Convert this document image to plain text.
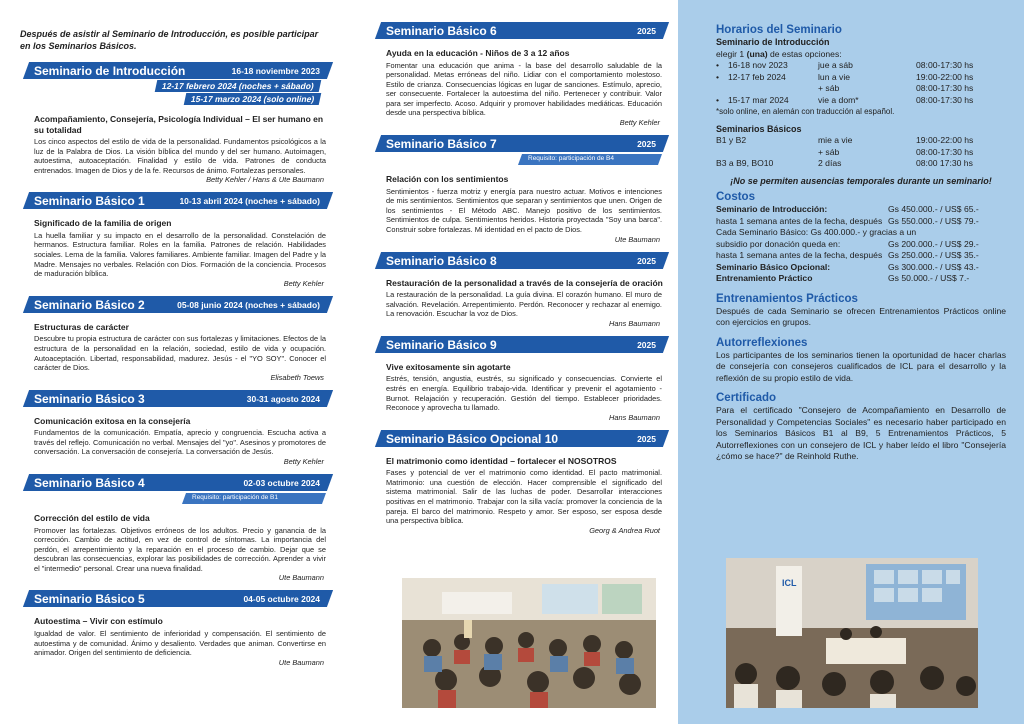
Después de asistir al Seminario de Introducción, es posible participar en los Seminarios Básicos.

Seminario de Introducción	16-18 noviembre 2023
12-17 febrero 2024 (noches + sábado)
15-17 marzo 2024 (solo online)
Acompañamiento, Consejería, Psicología Individual – El ser humano en su totalidad
Los cinco aspectos del estilo de vida de la personalidad. Fundamentos psicológicos a la luz de la Palabra de Dios. La visión bíblica del mundo y del ser humano. Autoimagen, autoestima, autoaceptación. Finalidad y estilo de vida. Patrones de conducta entrenados. Imagen de Dios y de la fe. Recursos de ánimo. Fortalezas personales.
Betty Kehler / Hans & Ute Baumann
Seminario Básico 1	10-13 abril 2024 (noches + sábado)
Significado de la familia de origen
La huella familiar y su impacto en el desarrollo de la personalidad. Constelación de hermanos. Estructura familiar. Roles en la familia. Patrones de relación. Habilidades sociales. Lema de la familia. Valores familiares. Ambiente familiar. Imagen del Padre y la Madre. Mensajes no verbales. Relación con Dios. Formación de la conciencia. Procesos de maduración bíblica.
Betty Kehler
Seminario Básico 2	05-08 junio 2024 (noches + sábado)
Estructuras de carácter
Descubre tu propia estructura de carácter con sus fortalezas y limitaciones. Efectos de la estructura de la personalidad en la relación, sociedad, estilo de vida y ocupación. Autoaceptación. Libertad, responsabilidad, madurez. Jesús - el "YO SOY". Conocer el carácter de Dios.
Elisabeth Toews
Seminario Básico 3	30-31 agosto 2024
Comunicación exitosa en la consejería
Fundamentos de la comunicación. Empatía, aprecio y congruencia. Escucha activa a través del reflejo. Comunicación no verbal. Mensajes del "yo". Asesinos y promotores de conversación. La conversación de consejería. La conversación de Jesús.
Betty Kehler
Seminario Básico 4	02-03 octubre 2024
Requisito: participación de B1
Corrección del estilo de vida
Promover las fortalezas. Objetivos erróneos de los adultos. Precio y ganancia de la corrección. Cambio de actitud, en vez de control de síntomas. La importancia del perdón, el arrepentimiento y la reparación en el proceso de cambio. Dejar que se descubran las consecuencias, explorar las posibilidades de corrección. Aprender a vivir el "intermedio" personal. Crear una nueva finalidad.
Ute Baumann
Seminario Básico 5	04-05 octubre 2024
Autoestima – Vivir con estímulo
Igualdad de valor. El sentimiento de inferioridad y compensación. El sentimiento de autoestima y de comunidad. Ánimo y desaliento. Verdades que animan. Convertirse en animador. Origen del sentimiento de deficiencia.
Ute Baumann
Seminario Básico 6	2025
Ayuda en la educación - Niños de 3 a 12 años
Fomentar una educación que anima - la base del desarrollo saludable de la personalidad. Metas erróneas del niño. Lidiar con el comportamiento molestoso. Estilo de crianza. Consecuencias lógicas en lugar de sanciones. Estímulo, aprecio, ser consecuente. Fortalecer la autoestima del niño. Pertenecer y contribuir. Valor para ser imperfecto. Acoso. Adquirir y promover habilidades mediáticas. Educación desde una perspectiva bíblica.
Betty Kehler
Seminario Básico 7	2025
Requisito: participación de B4
Relación con los sentimientos
Sentimientos - fuerza motriz y energía para nuestro actuar. Motivos e intenciones de mis sentimientos. Sentimientos que separan y sentimientos que unen. Origen de los sentimientos - El Método ABC. Manejo positivo de los sentimientos. Sentimientos de culpa. Sentimientos heridos. Historia proyectada "Soy una barca". Construir sobre fortalezas. Mi identidad en el pacto de Dios.
Ute Baumann
Seminario Básico 8	2025
Restauración de la personalidad a través de la consejería de oración
La restauración de la personalidad. La guía divina. El corazón humano. El muro de salvación. Revelación. Arrepentimiento. Perdón. Reconocer y rechazar al enemigo. La renovación. Escuchar la voz de Dios.
Hans Baumann
Seminario Básico 9	2025
Vive exitosamente sin agotarte
Estrés, tensión, angustia, eustrés, su significado y consecuencias. Convierte el estrés en energía. Equilibrio trabajo-vida. Identificar y prevenir el agotamiento - Burnot. Relajación y recuperación. Gestión del tiempo. Establecer prioridades. Reconoce y aprovecha tu llamado.
Hans Baumann
Seminario Básico Opcional 10	2025
El matrimonio como identidad – fortalecer el NOSOTROS
Fases y potencial de ver el matrimonio como identidad. El pacto matrimonial. Matrimonio: una cuestión de elección. Hacer comprensible el significado del sistema matrimonial. Salir de las luchas de poder. Desarrollar interacciones positivas en el matrimonio. Trabajar con la silla vacía: promover la conciencia de la pareja. El barco del matrimonio. Respeto y amor. Ser esposo, ser esposa desde una perspectiva bíblica.
Georg & Andrea Ruot
Horarios del Seminario

Seminario de Introducción

elegir 1 (una) de estas opciones:

•	16-18 nov 2023	jue a sáb	08:00-17:30 hs
•	12-17 feb 2024	lun a vie	19:00-22:00 hs
+ sáb	08:00-17:30 hs
•	15-17 mar 2024	vie a dom*	08:00-17:30 hs

*solo online, en alemán con traducción al español.

Seminarios Básicos

B1 y B2	mie a vie	19:00-22:00 hs
+ sáb	08:00-17:30 hs
B3 a B9, BO10	2 días	08:00 17:30 hs

¡No se permiten ausencias temporales durante un seminario!

Costos
Seminario de Introducción:	Gs 450.000.- / US$ 65.-
hasta 1 semana antes de la fecha, después Gs 550.000.- / US$ 79.-
Cada Seminario Básico: Gs 400.000.- y gracias a un
subsidio por donación queda en:	Gs 200.000.- / US$ 29.-
hasta 1 semana antes de la fecha, después Gs 250.000.- / US$ 35.-
Seminario Básico Opcional:	Gs 300.000.- / US$ 43.-
Entrenamiento Práctico	Gs 50.000.- / US$ 7.-
Entrenamientos Prácticos

Después de cada Seminario se ofrecen Entrenamientos Prácticos online con ejercicios en grupos.

Autorreflexiones

Los participantes de los seminarios tienen la oportunidad de hacer charlas de consejería con consejeros cualificados de ICL para el desarrollo y la reflexión de su propio estilo de vida.

Certificado

Para el certificado "Consejero de Acompañamiento en Desarrollo de Personalidad y Competencias Sociales" es necesario haber participado en los Seminarios Básicos B1 al B9, 5 Entrenamientos Prácticos, 5 Autorreflexiones con un consejero de ICL y haber leído el libro "Consejería ¿cómo se hace?" de Reinhold Ruthe.

ICL
